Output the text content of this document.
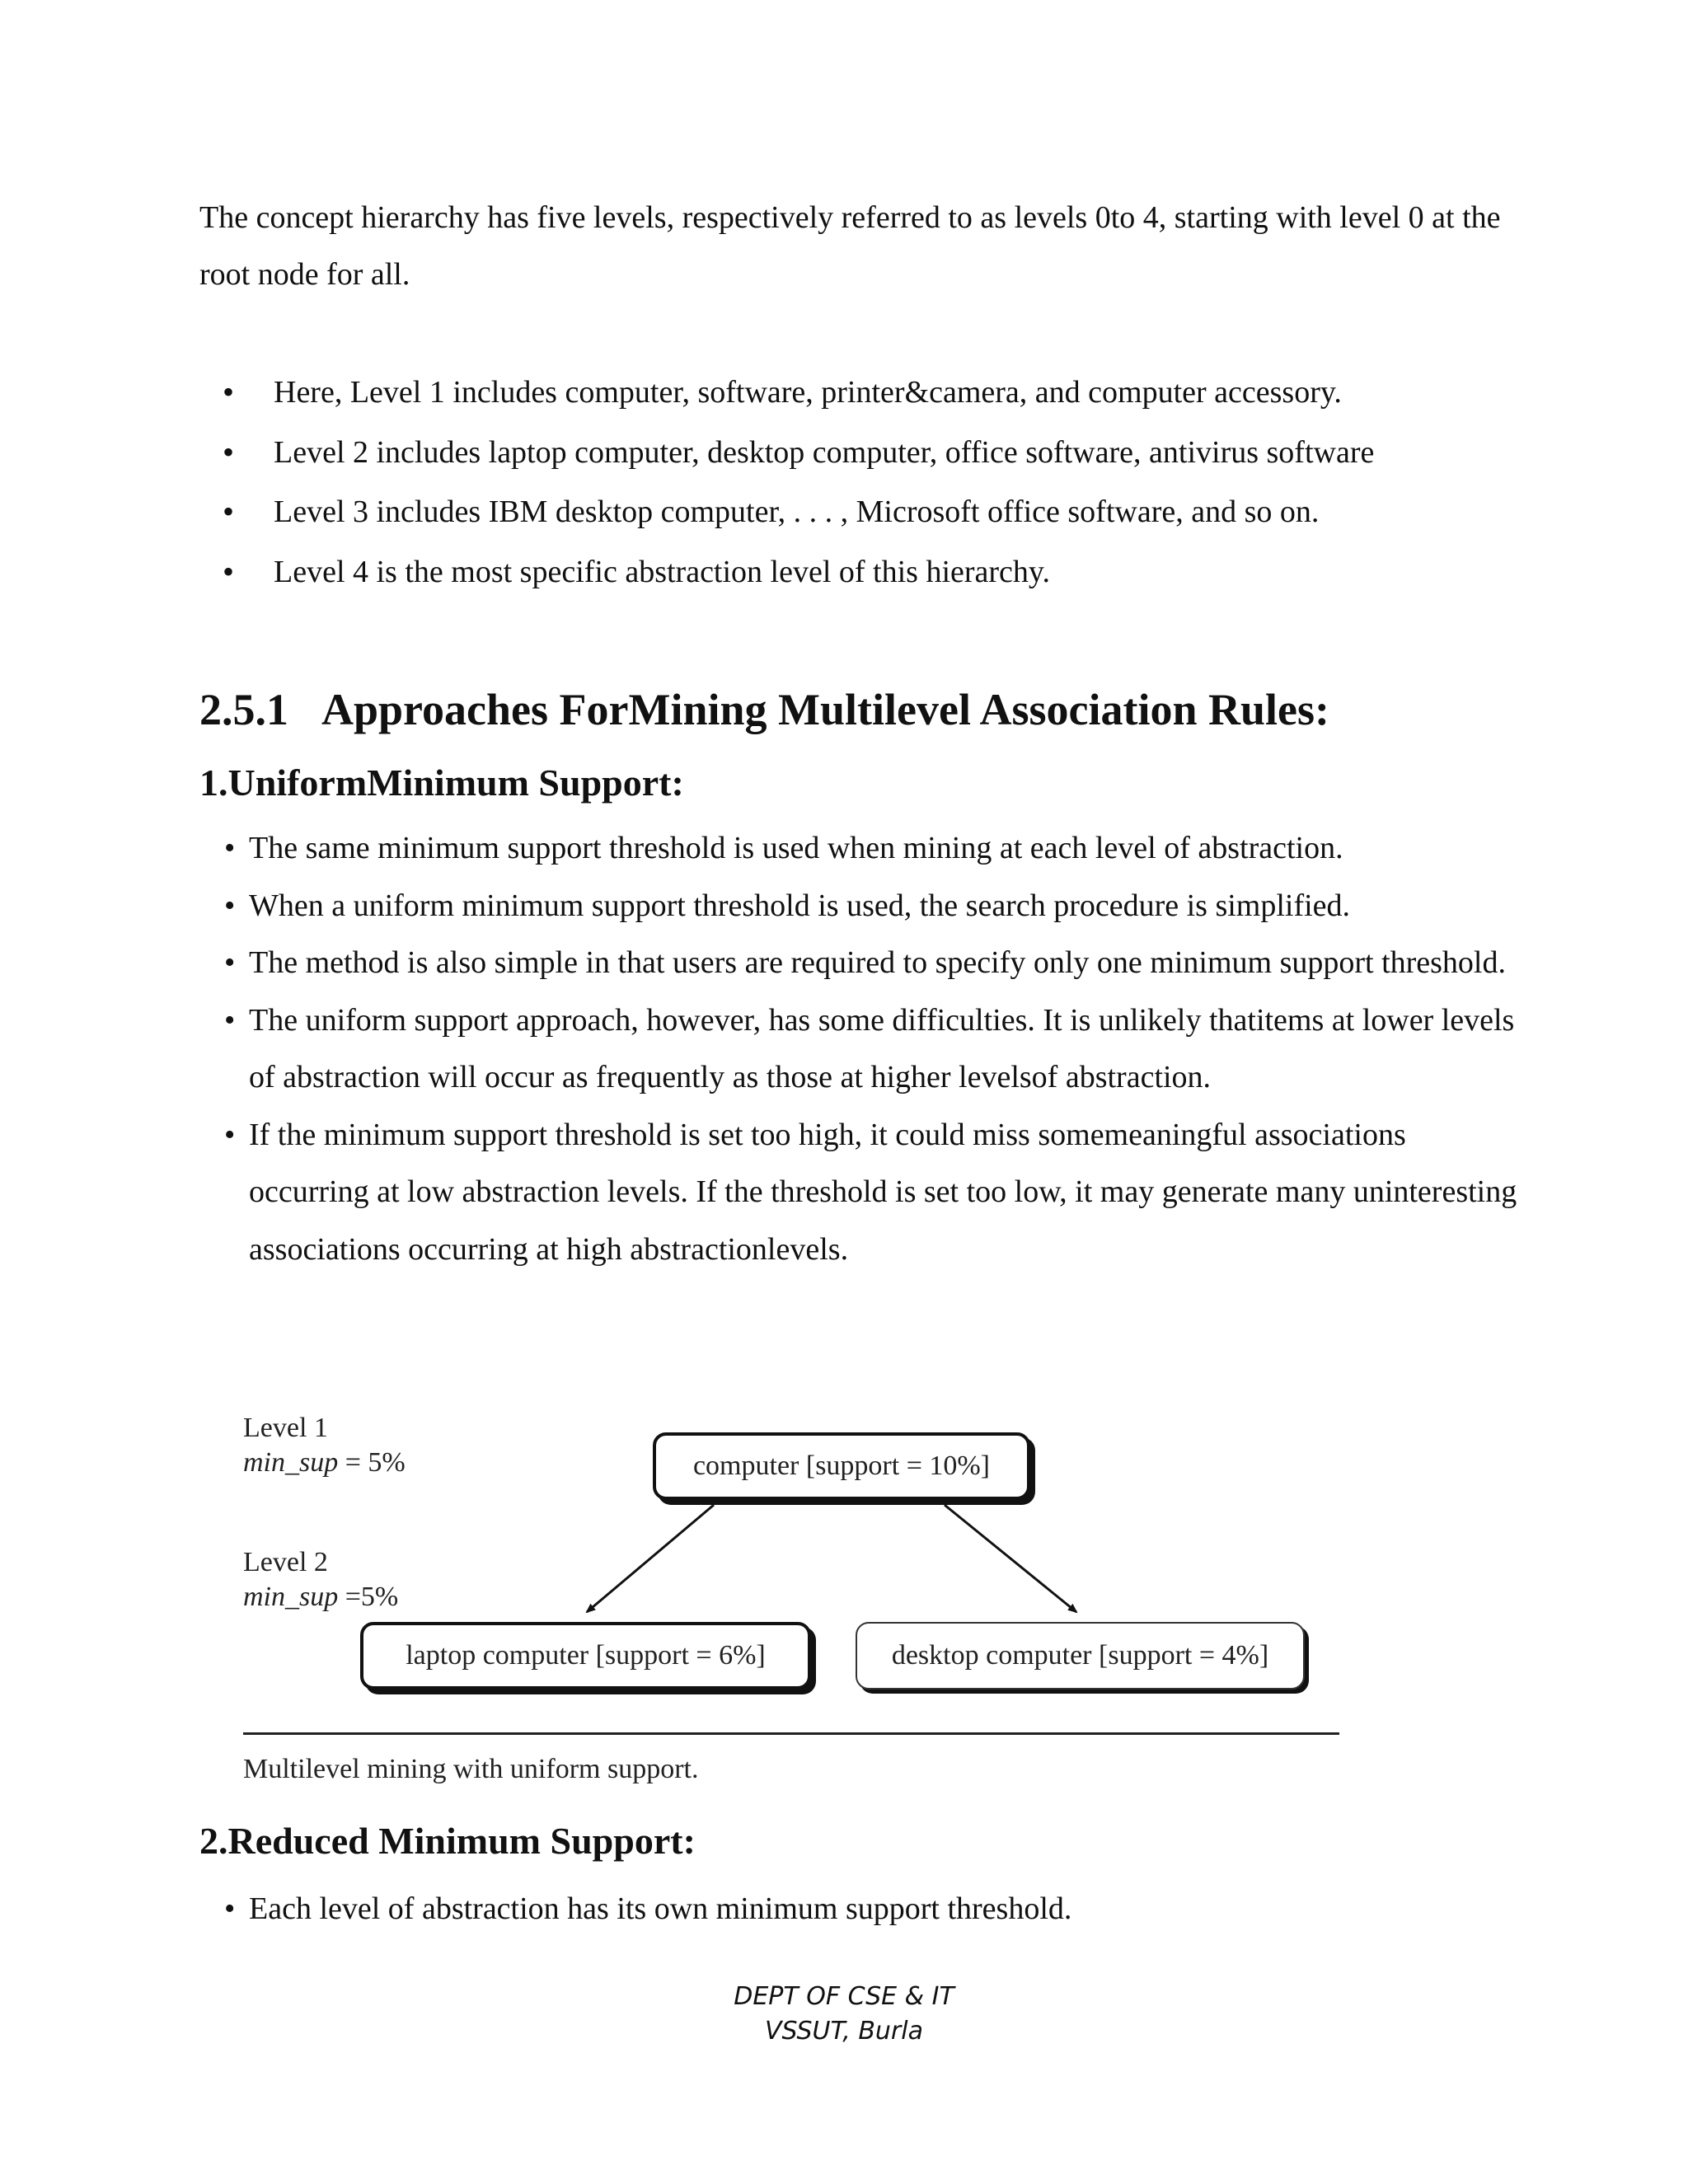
The concept hierarchy has five levels, respectively referred to as levels 0to 4, starting with level 0 at the root node for all.

• Here, Level 1 includes computer, software, printer&camera, and computer accessory.
• Level 2 includes laptop computer, desktop computer, office software, antivirus software
• Level 3 includes IBM desktop computer, . . . , Microsoft office software, and so on.
• Level 4 is the most specific abstraction level of this hierarchy.
2.5.1 Approaches ForMining Multilevel Association Rules:
1.UniformMinimum Support:
• The same minimum support threshold is used when mining at each level of abstraction.
• When a uniform minimum support threshold is used, the search procedure is simplified.
• The method is also simple in that users are required to specify only one minimum support threshold.
• The uniform support approach, however, has some difficulties. It is unlikely thatitems at lower levels of abstraction will occur as frequently as those at higher levelsof abstraction.
• If the minimum support threshold is set too high, it could miss somemeaningful associations occurring at low abstraction levels. If the threshold is set too low, it may generate many uninteresting associations occurring at high abstractionlevels.
Level 1
min_sup = 5%
Level 2
min_sup =5%
computer [support = 10%]
laptop computer [support = 6%]	desktop computer [support = 4%]
Multilevel mining with uniform support.
2.Reduced Minimum Support:
• Each level of abstraction has its own minimum support threshold.
DEPT OF CSE & IT
VSSUT, Burla
